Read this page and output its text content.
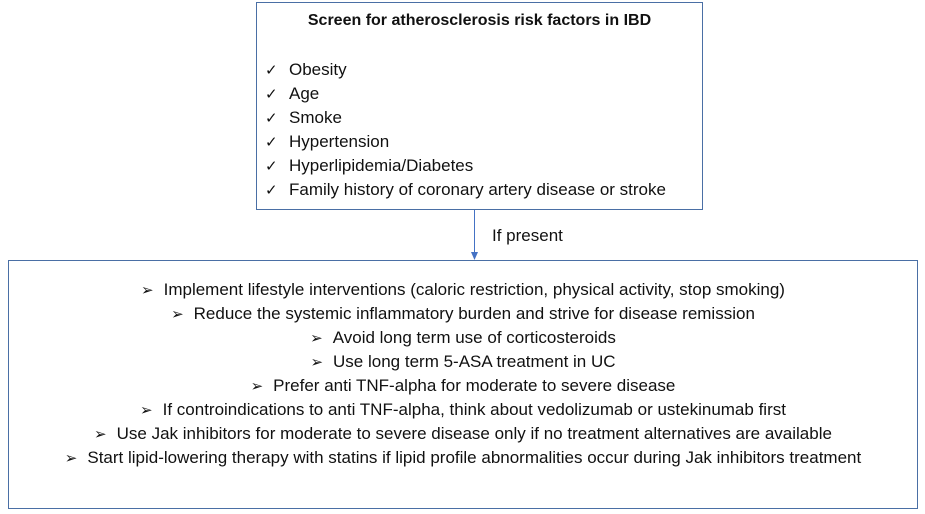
Screen for atherosclerosis risk factors in IBD
✓ Obesity
✓ Age
✓ Smoke
✓ Hypertension
✓ Hyperlipidemia/Diabetes
✓ Family history of coronary artery disease or stroke
If present
➢ Implement lifestyle interventions (caloric restriction, physical activity, stop smoking)
➢ Reduce the systemic inflammatory burden and strive for disease remission
➢ Avoid long term use of corticosteroids
➢ Use long term 5-ASA treatment in UC
➢ Prefer anti TNF-alpha for moderate to severe disease
➢ If controindications to anti TNF-alpha, think about vedolizumab or ustekinumab first
➢ Use Jak inhibitors for moderate to severe disease only if no treatment alternatives are available
➢ Start lipid-lowering therapy with statins if lipid profile abnormalities occur during Jak inhibitors treatment
